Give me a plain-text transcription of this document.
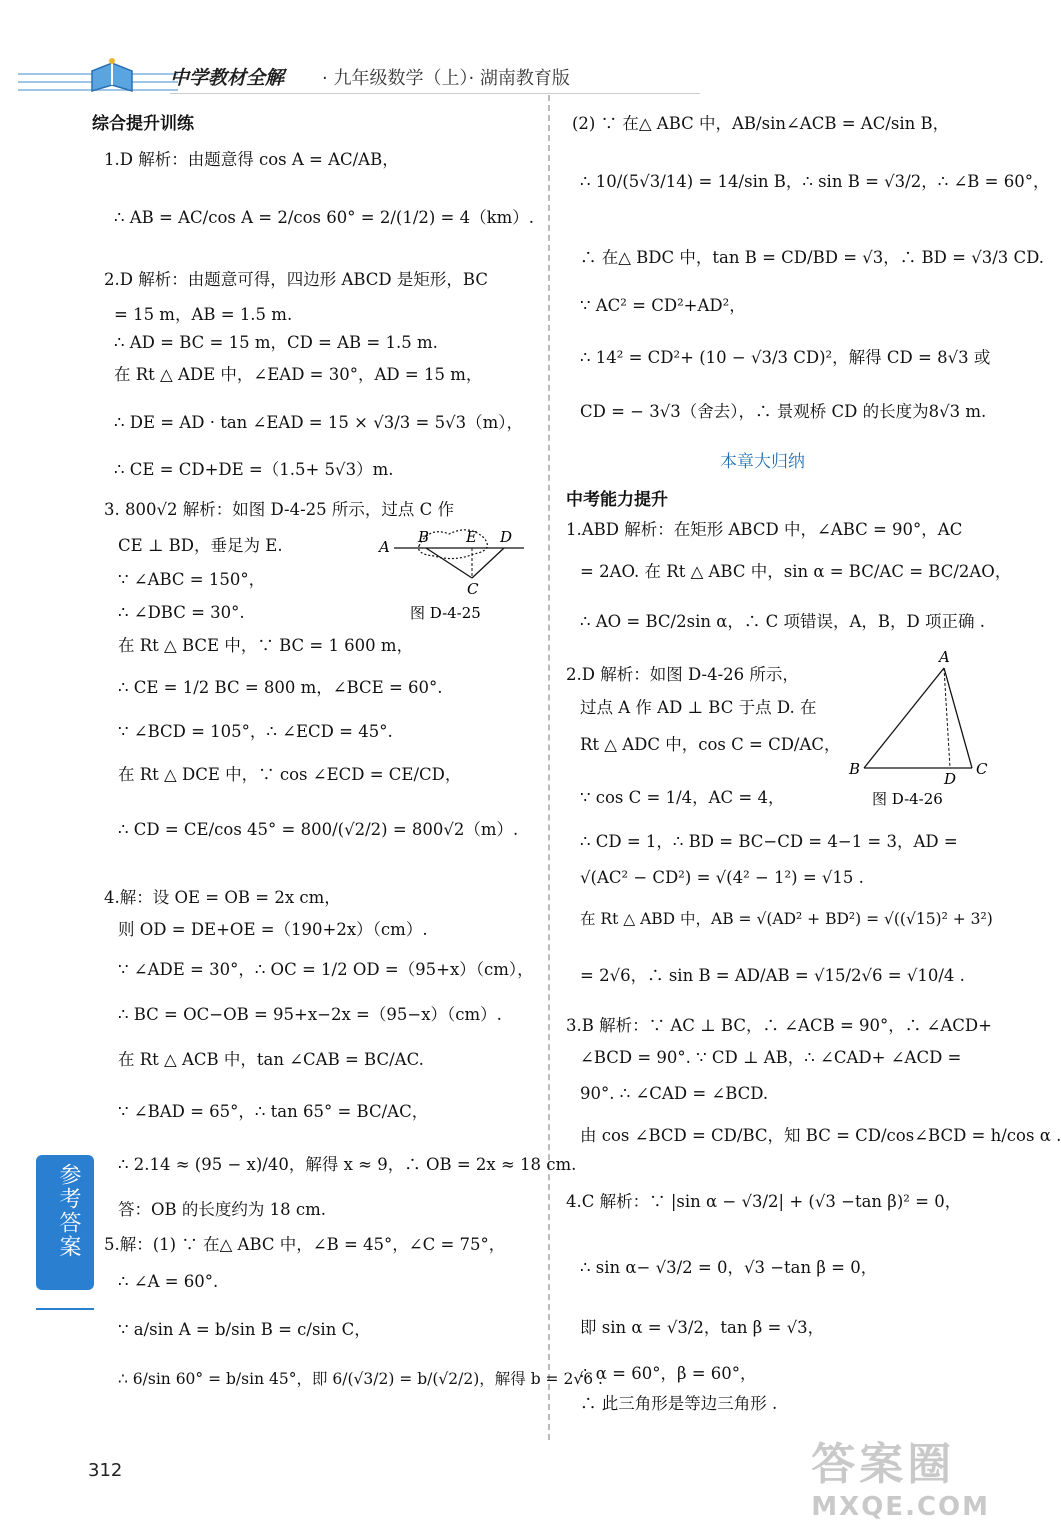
中学教材全解 · 九年级数学（上）· 湖南教育版
综合提升训练
1.D 解析：由题意得 cos A = AC/AB，
∴ AB = AC/cos A = 2/cos 60° = 2/(1/2) = 4（km）.
2.D 解析：由题意可得，四边形 ABCD 是矩形，BC
= 15 m，AB = 1.5 m.
∴ AD = BC = 15 m，CD = AB = 1.5 m.
在 Rt △ ADE 中，∠EAD = 30°，AD = 15 m，
∴ DE = AD · tan ∠EAD = 15 × √3/3 = 5√3（m），
∴ CE = CD+DE =（1.5+ 5√3）m.
3. 800√2 解析：如图 D-4-25 所示，过点 C 作
CE ⊥ BD，垂足为 E.
∵ ∠ABC = 150°，
∴ ∠DBC = 30°.
在 Rt △ BCE 中，∵ BC = 1 600 m，
∴ CE = 1/2 BC = 800 m，∠BCE = 60°.
∵ ∠BCD = 105°，∴ ∠ECD = 45°.
在 Rt △ DCE 中，∵ cos ∠ECD = CE/CD，
∴ CD = CE/cos 45° = 800/(√2/2) = 800√2（m）.
4.解：设 OE = OB = 2x cm，
则 OD = DE+OE =（190+2x）（cm）.
∵ ∠ADE = 30°，∴ OC = 1/2 OD =（95+x）（cm），
∴ BC = OC−OB = 95+x−2x =（95−x）（cm）.
在 Rt △ ACB 中，tan ∠CAB = BC/AC.
∵ ∠BAD = 65°，∴ tan 65° = BC/AC，
∴ 2.14 ≈ (95 − x)/40，解得 x ≈ 9，∴ OB = 2x ≈ 18 cm.
答：OB 的长度约为 18 cm.
5.解：(1) ∵ 在△ ABC 中，∠B = 45°，∠C = 75°，
∴ ∠A = 60°.
∵ a/sin A = b/sin B = c/sin C，
∴ 6/sin 60° = b/sin 45°，即 6/(√3/2) = b/(√2/2)，解得 b = 2√6 .
A
B E D
C
图 D-4-25
(2) ∵ 在△ ABC 中，AB/sin∠ACB = AC/sin B，
∴ 10/(5√3/14) = 14/sin B，∴ sin B = √3/2，∴ ∠B = 60°，
∴ 在△ BDC 中，tan B = CD/BD = √3，∴ BD = √3/3 CD.
∵ AC² = CD²+AD²，
∴ 14² = CD²+ (10 − √3/3 CD)²，解得 CD = 8√3 或
CD = − 3√3（舍去），∴ 景观桥 CD 的长度为8√3 m.
本章大归纳
中考能力提升
1.ABD 解析：在矩形 ABCD 中，∠ABC = 90°，AC
= 2AO. 在 Rt △ ABC 中，sin α = BC/AC = BC/2AO，
∴ AO = BC/2sin α，∴ C 项错误，A，B，D 项正确 .
2.D 解析：如图 D-4-26 所示，
过点 A 作 AD ⊥ BC 于点 D. 在
Rt △ ADC 中，cos C = CD/AC，
∵ cos C = 1/4，AC = 4，
∴ CD = 1，∴ BD = BC−CD = 4−1 = 3，AD =
√(AC² − CD²) = √(4² − 1²) = √15 .
在 Rt △ ABD 中，AB = √(AD² + BD²) = √((√15)² + 3²)
= 2√6，∴ sin B = AD/AB = √15/2√6 = √10/4 .
3.B 解析：∵ AC ⊥ BC，∴ ∠ACB = 90°，∴ ∠ACD+
∠BCD = 90°. ∵ CD ⊥ AB，∴ ∠CAD+ ∠ACD =
90°. ∴ ∠CAD = ∠BCD.
由 cos ∠BCD = CD/BC，知 BC = CD/cos∠BCD = h/cos α .
4.C 解析：∵ |sin α − √3/2| + (√3 −tan β)² = 0，
∴ sin α− √3/2 = 0，√3 −tan β = 0，
即 sin α = √3/2，tan β = √3，
∴ α = 60°，β = 60°，
∴ 此三角形是等边三角形 .
A
B
D
C
图 D-4-26
参考答案
312	答案圈
MXQE.COM
